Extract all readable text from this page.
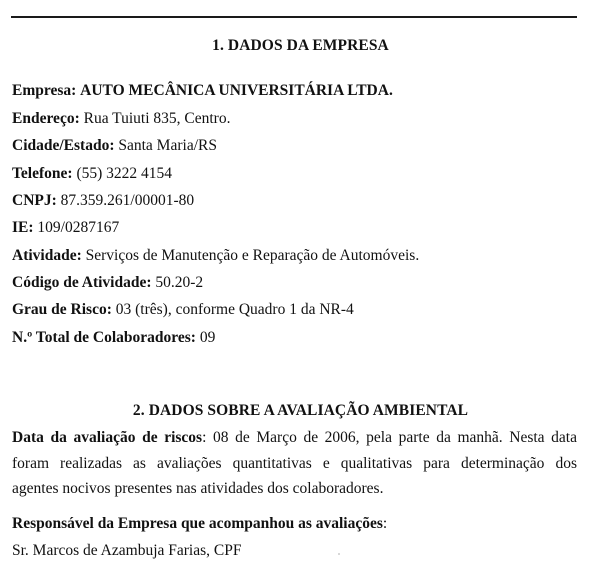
1. DADOS DA EMPRESA
Empresa: AUTO MECÂNICA UNIVERSITÁRIA LTDA.
Endereço: Rua Tuiuti 835, Centro.
Cidade/Estado: Santa Maria/RS
Telefone: (55) 3222 4154
CNPJ: 87.359.261/00001-80
IE: 109/0287167
Atividade: Serviços de Manutenção e Reparação de Automóveis.
Código de Atividade: 50.20-2
Grau de Risco: 03 (três), conforme Quadro 1 da NR-4
N.º Total de Colaboradores: 09
2. DADOS SOBRE A AVALIAÇÃO AMBIENTAL
Data da avaliação de riscos: 08 de Março de 2006, pela parte da manhã. Nesta data
foram realizadas as avaliações quantitativas e qualitativas para determinação dos
agentes nocivos presentes nas atividades dos colaboradores.
Responsável da Empresa que acompanhou as avaliações:
Sr. Marcos de Azambuja Farias, CPF
